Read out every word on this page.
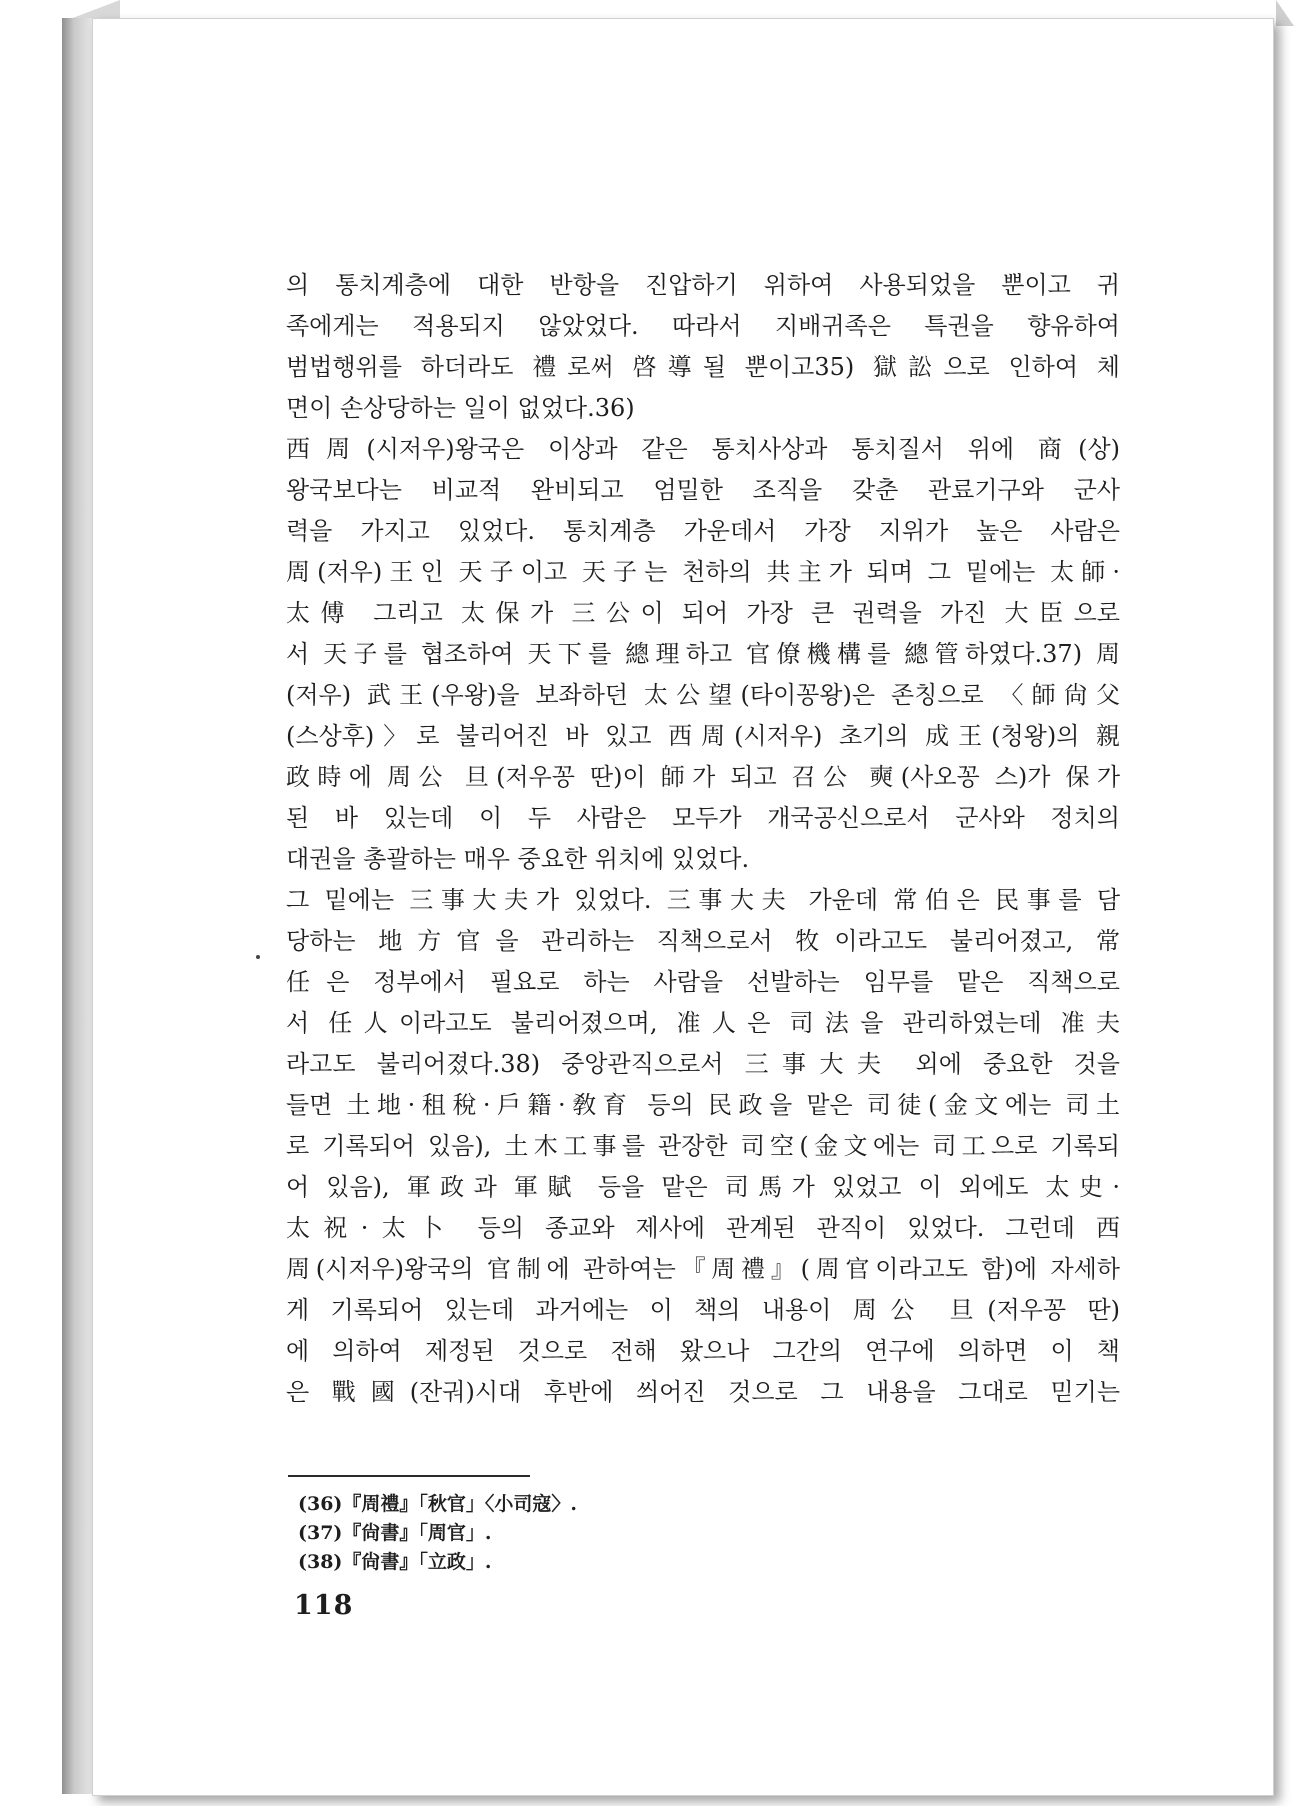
의 통치계층에 대한 반항을 진압하기 위하여 사용되었을 뿐이고 귀

족에게는 적용되지 않았었다. 따라서 지배귀족은 특권을 향유하여

범법행위를 하더라도 禮로써 啓導될 뿐이고35) 獄訟으로 인하여 체

면이 손상당하는 일이 없었다.36)

西周(시저우)왕국은 이상과 같은 통치사상과 통치질서 위에 商(상)

왕국보다는 비교적 완비되고 엄밀한 조직을 갖춘 관료기구와 군사

력을 가지고 있었다. 통치계층 가운데서 가장 지위가 높은 사람은

周(저우)王인 天子이고 天子는 천하의 共主가 되며 그 밑에는 太師·

太傅 그리고 太保가 三公이 되어 가장 큰 권력을 가진 大臣으로

서 天子를 협조하여 天下를 總理하고 官僚機構를 總管하였다.37) 周

(저우) 武王(우왕)을 보좌하던 太公望(타이꽁왕)은 존칭으로 〈師尙父

(스상후)〉로 불리어진 바 있고 西周(시저우) 초기의 成王(청왕)의 親

政時에 周公 旦(저우꽁 딴)이 師가 되고 召公 奭(사오꽁 스)가 保가

된 바 있는데 이 두 사람은 모두가 개국공신으로서 군사와 정치의

대권을 총괄하는 매우 중요한 위치에 있었다.

그 밑에는 三事大夫가 있었다. 三事大夫 가운데 常伯은 民事를 담

당하는 地方官을 관리하는 직책으로서 牧이라고도 불리어졌고, 常

任은 정부에서 필요로 하는 사람을 선발하는 임무를 맡은 직책으로

서 任人이라고도 불리어졌으며, 准人은 司法을 관리하였는데 准夫

라고도 불리어졌다.38) 중앙관직으로서 三事大夫 외에 중요한 것을

들면 土地·租稅·戶籍·敎育 등의 民政을 맡은 司徒(金文에는 司土

로 기록되어 있음), 土木工事를 관장한 司空(金文에는 司工으로 기록되

어 있음), 軍政과 軍賦 등을 맡은 司馬가 있었고 이 외에도 太史·

太祝·太卜 등의 종교와 제사에 관계된 관직이 있었다. 그런데 西

周(시저우)왕국의 官制에 관하여는『周禮』(周官이라고도 함)에 자세하

게 기록되어 있는데 과거에는 이 책의 내용이 周公 旦(저우꽁 딴)

에 의하여 제정된 것으로 전해 왔으나 그간의 연구에 의하면 이 책

은 戰國(잔궈)시대 후반에 씌어진 것으로 그 내용을 그대로 믿기는

(36)『周禮』「秋官」〈小司寇〉.
(37)『尙書』「周官」.
(38)『尙書』「立政」.
118
